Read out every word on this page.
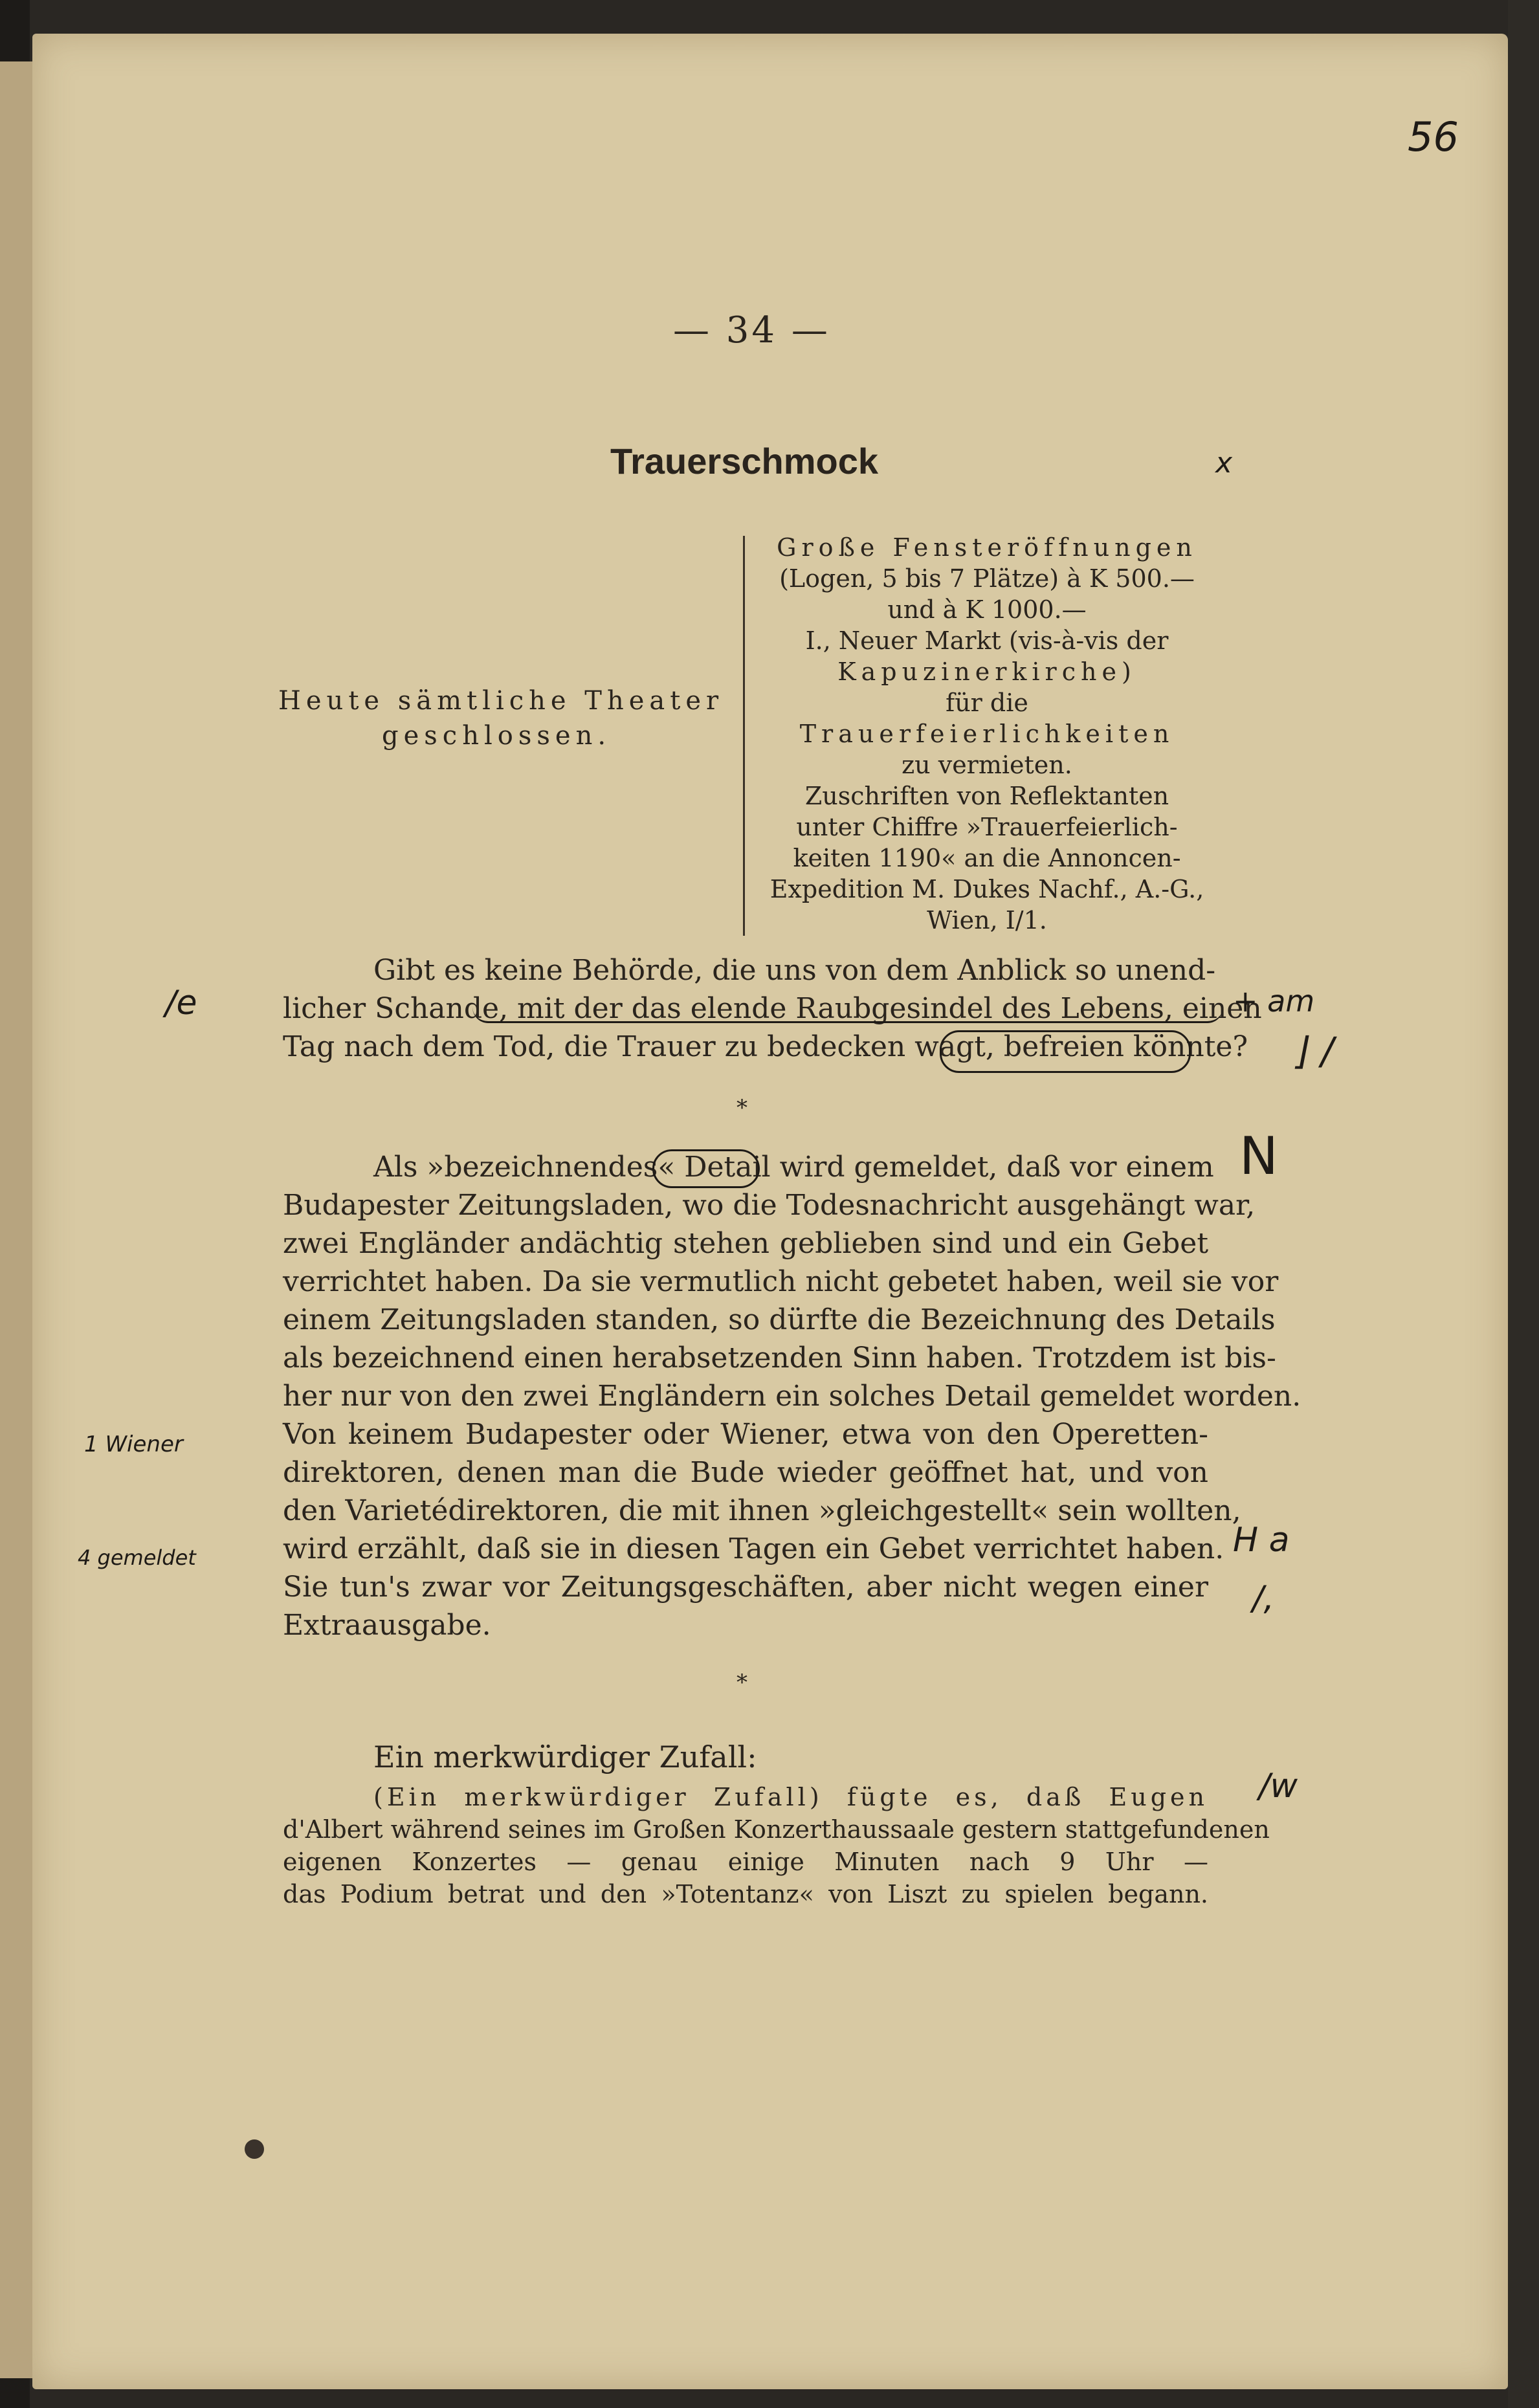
56
— 34 —
Trauerschmock	x
Heute sämtliche Theater
geschlossen.
Große Fensteröffnungen
(Logen, 5 bis 7 Plätze) à K 500.—
und à K 1000.—
I., Neuer Markt (vis-à-vis der
Kapuzinerkirche)
für die
Trauerfeierlichkeiten
zu vermieten.
Zuschriften von Reflektanten
unter Chiffre »Trauerfeierlich-
keiten 1190« an die Annoncen-
Expedition M. Dukes Nachf., A.-G.,
Wien, I/1.
Gibt es keine Behörde, die uns von dem Anblick so unend-
licher Schande, mit der das elende Raubgesindel des Lebens, einen
Tag nach dem Tod, die Trauer zu bedecken wagt, befreien könnte?
/e	+ am
⌋ /
*
Als »bezeichnendes« Detail wird gemeldet, daß vor einem
Budapester Zeitungsladen, wo die Todesnachricht ausgehängt war,
zwei Engländer andächtig stehen geblieben sind und ein Gebet
verrichtet haben. Da sie vermutlich nicht gebetet haben, weil sie vor
einem Zeitungsladen standen, so dürfte die Bezeichnung des Details
als bezeichnend einen herabsetzenden Sinn haben. Trotzdem ist bis-
her nur von den zwei Engländern ein solches Detail gemeldet worden.
Von keinem Budapester oder Wiener, etwa von den Operetten-
direktoren, denen man die Bude wieder geöffnet hat, und von
den Varietédirektoren, die mit ihnen »gleichgestellt« sein wollten,
wird erzählt, daß sie in diesen Tagen ein Gebet verrichtet haben.
Sie tun's zwar vor Zeitungsgeschäften, aber nicht wegen einer
Extraausgabe.
N
1 Wiener
4 gemeldet	H a
/,
*
Ein merkwürdiger Zufall:
(Ein merkwürdiger Zufall) fügte es, daß Eugen
d'Albert während seines im Großen Konzerthaussaale gestern stattgefundenen
eigenen Konzertes — genau einige Minuten nach 9 Uhr —
das Podium betrat und den »Totentanz« von Liszt zu spielen begann.
/w
